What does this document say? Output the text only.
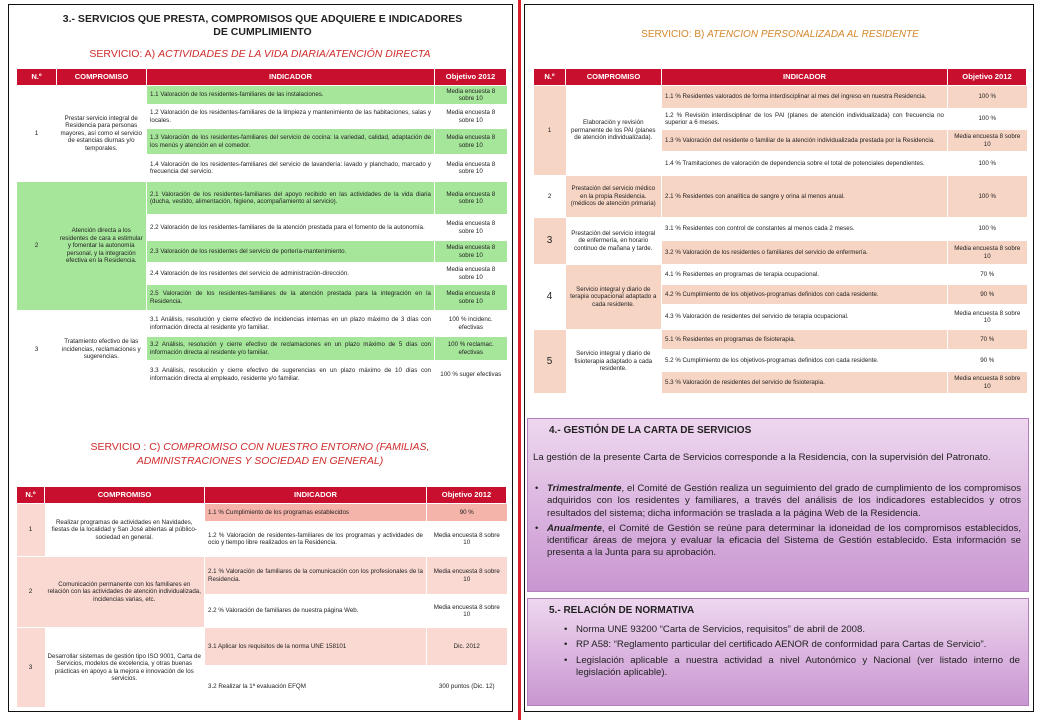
3.- SERVICIOS QUE PRESTA, COMPROMISOS QUE ADQUIERE E INDICADORES DE CUMPLIMIENTO
SERVICIO: A) ACTIVIDADES DE LA VIDA DIARIA/ATENCIÓN DIRECTA
N.º	COMPROMISO	INDICADOR	Objetivo 2012
1	Prestar servicio integral de Residencia para personas mayores, así como el servicio de estancias diurnas y/o temporales.	1.1 Valoración de los residentes-familiares de las instalaciones.	Media encuesta 8 sobre 10
		1.2 Valoración de los residentes-familiares de la limpieza y mantenimiento de las habitaciones, salas y locales.	Media encuesta 8 sobre 10
		1.3 Valoración de los residentes-familiares del servicio de cocina: la variedad, calidad, adaptación de los menús y atención en el comedor.	Media encuesta 8 sobre 10
		1.4 Valoración de los residentes-familiares del servicio de lavandería: lavado y planchado, marcado y frecuencia del servicio.	Media encuesta 8 sobre 10
2	Atención directa a los residentes de cara a estimular y fomentar la autonomía personal, y la integración efectiva en la Residencia.	2.1 Valoración de los residentes-familiares del apoyo recibido en las actividades de la vida diaria (ducha, vestido, alimentación, higiene, acompañamiento al servicio).	Media encuesta 8 sobre 10
		2.2 Valoración de los residentes-familiares de la atención prestada para el fomento de la autonomía.	Media encuesta 8 sobre 10
		2.3 Valoración de los residentes del servicio de portería-mantenimiento.	Media encuesta 8 sobre 10
		2.4 Valoración de los residentes del servicio de administración-dirección.	Media encuesta 8 sobre 10
		2.5 Valoración de los residentes-familiares de la atención prestada para la integración en la Residencia.	Media encuesta 8 sobre 10
3	Tratamiento efectivo de las incidencias, reclamaciones y sugerencias.	3.1 Análisis, resolución y cierre efectivo de incidencias internas en un plazo máximo de 3 días con información directa al residente y/o familiar.	100 % incidenc. efectivas
		3.2 Análisis, resolución y cierre efectivo de reclamaciones en un plazo máximo de 5 días con información directa al residente y/o familiar.	100 % reclamac. efectivas
		3.3 Análisis, resolución y cierre efectivo de sugerencias en un plazo máximo de 10 días con información directa al empleado, residente y/o familiar.	100 % suger efectivas
SERVICIO : C) COMPROMISO CON NUESTRO ENTORNO (FAMILIAS, ADMINISTRACIONES Y SOCIEDAD EN GENERAL)
N.º	COMPROMISO	INDICADOR	Objetivo 2012
1	Realizar programas de actividades en Navidades, fiestas de la localidad y San José abiertas al público-sociedad en general.	1.1 % Cumplimiento de los programas establecidos	90 %
		1.2 % Valoración de residentes-familiares de los programas y actividades de ocio y tiempo libre realizados en la Residencia.	Media encuesta 8 sobre 10
2	Comunicación permanente con los familiares en relación con las actividades de atención individualizada, incidencias varias, etc.	2.1 % Valoración de familiares de la comunicación con los profesionales de la Residencia.	Media encuesta 8 sobre 10
		2.2 % Valoración de familiares de nuestra página Web.	Media encuesta 8 sobre 10
3	Desarrollar sistemas de gestión tipo ISO 9001, Carta de Servicios, modelos de excelencia, y otras buenas prácticas en apoyo a la mejora e innovación de los servicios.	3.1 Aplicar los requisitos de la norma UNE 158101	Dic. 2012
		3.2 Realizar la 1ª evaluación EFQM	300 puntos (Dic. 12)
SERVICIO: B) ATENCION PERSONALIZADA AL RESIDENTE
N.º	COMPROMISO	INDICADOR	Objetivo 2012
1	Elaboración y revisión permanente de los PAI (planes de atención individualizada).	1.1 % Residentes valorados de forma interdisciplinar al mes del ingreso en nuestra Residencia.	100 %
		1.2 % Revisión interdisciplinar de los PAI (planes de atención individualizada) con frecuencia no superior a 6 meses.	100 %
		1.3 % Valoración del residente o familiar de la atención individualizada prestada por la Residencia.	Media encuesta 8 sobre 10
		1.4 % Tramitaciones de valoración de dependencia sobre el total de potenciales dependientes.	100 %
2	Prestación del servicio médico en la propia Residencia. (médicos de atención primaria)	2.1 % Residentes con analítica de sangre y orina al menos anual.	100 %
3	Prestación del servicio integral de enfermería, en horario continuo de mañana y tarde.	3.1 % Residentes con control de constantes al menos cada 2 meses.	100 %
		3.2 % Valoración de los residentes o familiares del servicio de enfermería.	Media encuesta 8 sobre 10
4	Servicio integral y diario de terapia ocupacional adaptado a cada residente.	4.1 % Residentes en programas de terapia ocupacional.	70 %
		4.2 % Cumplimiento de los objetivos-programas definidos con cada residente.	90 %
		4.3 % Valoración de residentes del servicio de terapia ocupacional.	Media encuesta 8 sobre 10
5	Servicio integral y diario de fisioterapia adaptado a cada residente.	5.1 % Residentes en programas de fisioterapia.	70 %
		5.2 % Cumplimiento de los objetivos-programas definidos con cada residente.	90 %
		5.3 % Valoración de residentes del servicio de fisioterapia.	Media encuesta 8 sobre 10
4.- GESTIÓN DE LA CARTA DE SERVICIOS
La gestión de la presente Carta de Servicios corresponde a la Residencia, con la supervisión del Patronato.
• Trimestralmente, el Comité de Gestión realiza un seguimiento del grado de cumplimiento de los compromisos adquiridos con los residentes y familiares, a través del análisis de los indicadores establecidos y otros resultados del sistema; dicha información se traslada a la página Web de la Residencia.
• Anualmente, el Comité de Gestión se reúne para determinar la idoneidad de los compromisos establecidos, identificar áreas de mejora y evaluar la eficacia del Sistema de Gestión establecido. Esta información se presenta a la Junta para su aprobación.
5.- RELACIÓN DE NORMATIVA
• Norma UNE 93200 “Carta de Servicios, requisitos” de abril de 2008.
• RP A58: “Reglamento particular del certificado AENOR de conformidad para Cartas de Servicio”.
• Legislación aplicable a nuestra actividad a nivel Autonómico y Nacional (ver listado interno de legislación aplicable).
